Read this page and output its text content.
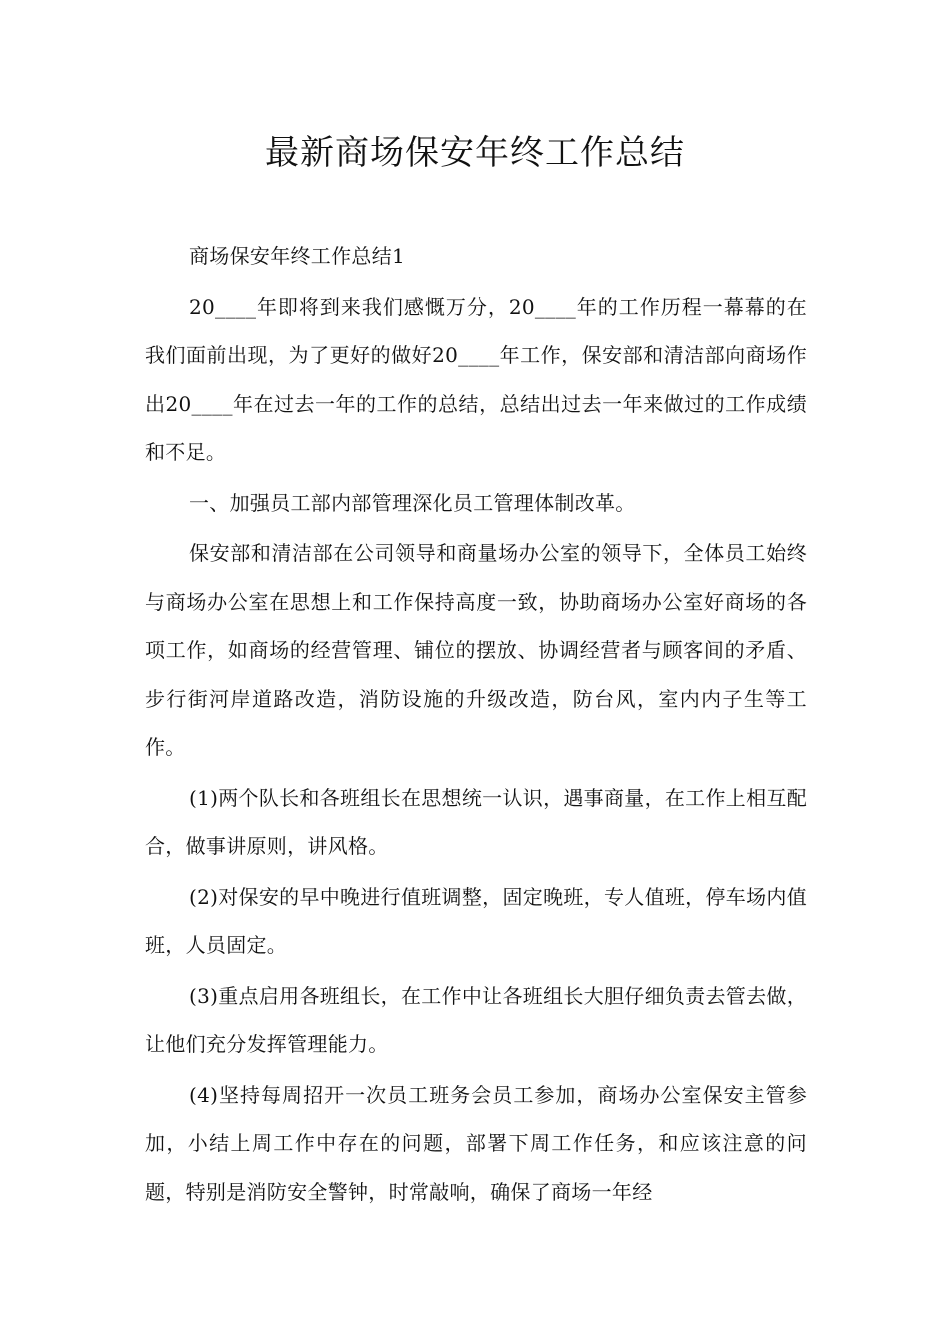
最新商场保安年终工作总结

商场保安年终工作总结1

20____年即将到来我们感慨万分，20____年的工作历程一幕幕的在我们面前出现，为了更好的做好20____年工作，保安部和清洁部向商场作出20____年在过去一年的工作的总结，总结出过去一年来做过的工作成绩和不足。

一、加强员工部内部管理深化员工管理体制改革。

保安部和清洁部在公司领导和商量场办公室的领导下，全体员工始终与商场办公室在思想上和工作保持高度一致，协助商场办公室好商场的各项工作，如商场的经营管理、铺位的摆放、协调经营者与顾客间的矛盾、步行街河岸道路改造，消防设施的升级改造，防台风，室内内子生等工作。

(1)两个队长和各班组长在思想统一认识，遇事商量，在工作上相互配合，做事讲原则，讲风格。

(2)对保安的早中晚进行值班调整，固定晚班，专人值班，停车场内值班，人员固定。

(3)重点启用各班组长，在工作中让各班组长大胆仔细负责去管去做，让他们充分发挥管理能力。

(4)坚持每周招开一次员工班务会员工参加，商场办公室保安主管参加，小结上周工作中存在的问题，部署下周工作任务，和应该注意的问题，特别是消防安全警钟，时常敲响，确保了商场一年经
